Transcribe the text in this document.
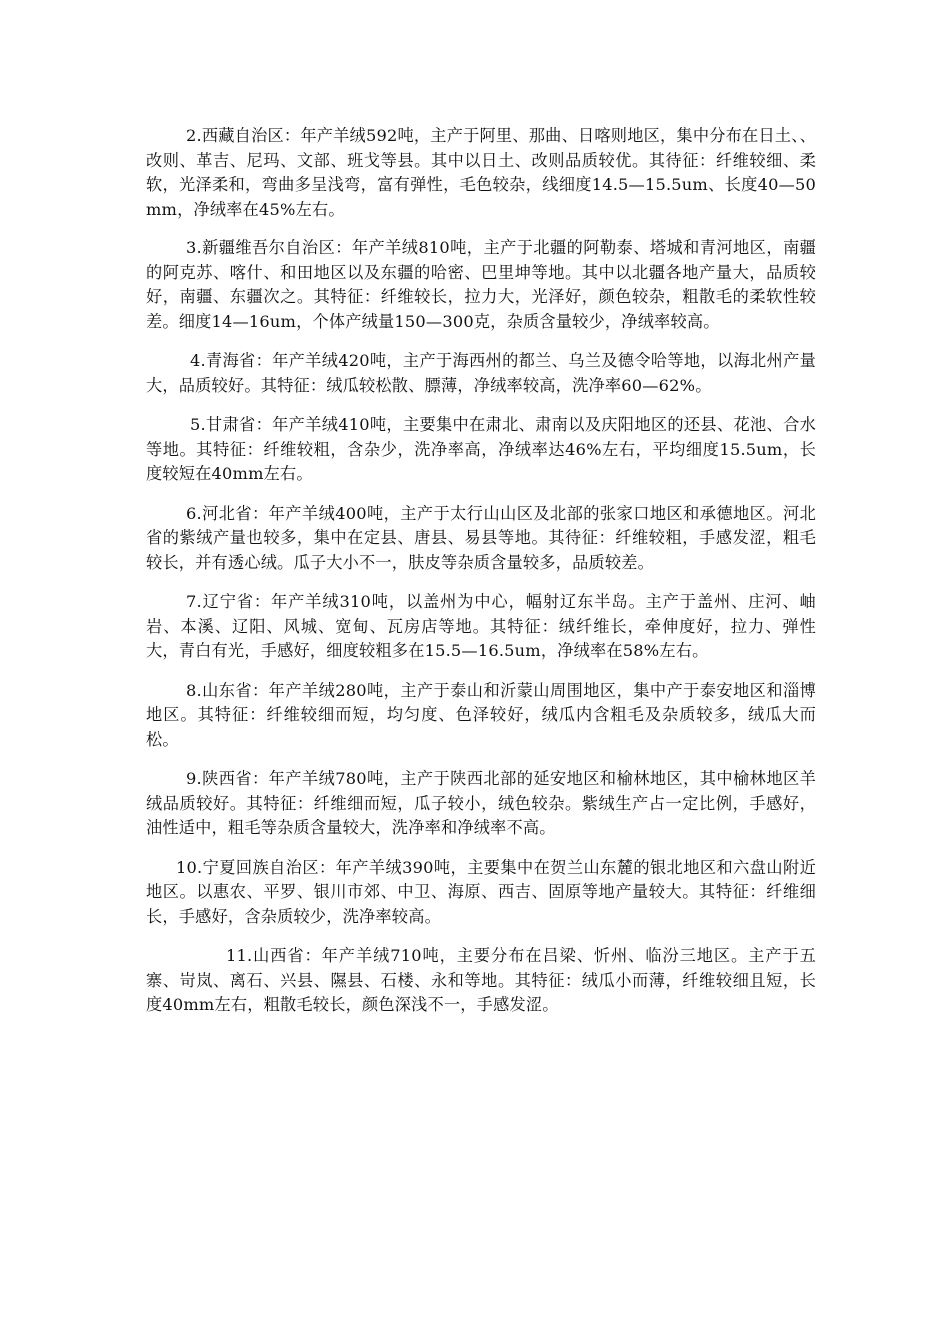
2.西藏自治区：年产羊绒592吨，主产于阿里、那曲、日喀则地区，集中分布在日土、、改则、革吉、尼玛、文部、班戈等县。其中以日土、改则品质较优。其待征：纤维较细、柔软，光泽柔和，弯曲多呈浅弯，富有弹性，毛色较杂，线细度14.5—15.5um、长度40—50mm，净绒率在45%左右。

3.新疆维吾尔自治区：年产羊绒810吨，主产于北疆的阿勒泰、塔城和青河地区，南疆的阿克苏、喀什、和田地区以及东疆的哈密、巴里坤等地。其中以北疆各地产量大，品质较好，南疆、东疆次之。其特征：纤维较长，拉力大，光泽好，颜色较杂，粗散毛的柔软性较差。细度14—16um，个体产绒量150—300克，杂质含量较少，净绒率较高。

4.青海省：年产羊绒420吨，主产于海西州的都兰、乌兰及德令哈等地，以海北州产量大，品质较好。其特征：绒瓜较松散、膘薄，净绒率较高，洗净率60—62%。

5.甘肃省：年产羊绒410吨，主要集中在肃北、肃南以及庆阳地区的还县、花池、合水等地。其特征：纤维较粗，含杂少，洗净率高，净绒率达46%左右，平均细度15.5um，长度较短在40mm左右。

6.河北省：年产羊绒400吨，主产于太行山山区及北部的张家口地区和承德地区。河北省的紫绒产量也较多，集中在定县、唐县、易县等地。其待征：纤维较粗，手感发涩，粗毛较长，并有透心绒。瓜子大小不一，肤皮等杂质含量较多，品质较差。

7.辽宁省：年产羊绒310吨，以盖州为中心，幅射辽东半岛。主产于盖州、庄河、岫岩、本溪、辽阳、风城、宽甸、瓦房店等地。其特征：绒纤维长，牵伸度好，拉力、弹性大，青白有光，手感好，细度较粗多在15.5—16.5um，净绒率在58%左右。

8.山东省：年产羊绒280吨，主产于泰山和沂蒙山周围地区，集中产于泰安地区和淄博地区。其特征：纤维较细而短，均匀度、色泽较好，绒瓜内含粗毛及杂质较多，绒瓜大而松。

9.陕西省：年产羊绒780吨，主产于陕西北部的延安地区和榆林地区，其中榆林地区羊绒品质较好。其特征：纤维细而短，瓜子较小，绒色较杂。紫绒生产占一定比例，手感好，油性适中，粗毛等杂质含量较大，洗净率和净绒率不高。

10.宁夏回族自治区：年产羊绒390吨，主要集中在贺兰山东麓的银北地区和六盘山附近地区。以惠农、平罗、银川市郊、中卫、海原、西吉、固原等地产量较大。其特征：纤维细长，手感好，含杂质较少，洗净率较高。

11.山西省：年产羊绒710吨，主要分布在吕梁、忻州、临汾三地区。主产于五寨、岢岚、离石、兴县、隰县、石楼、永和等地。其特征：绒瓜小而薄，纤维较细且短，长度40mm左右，粗散毛较长，颜色深浅不一，手感发涩。
